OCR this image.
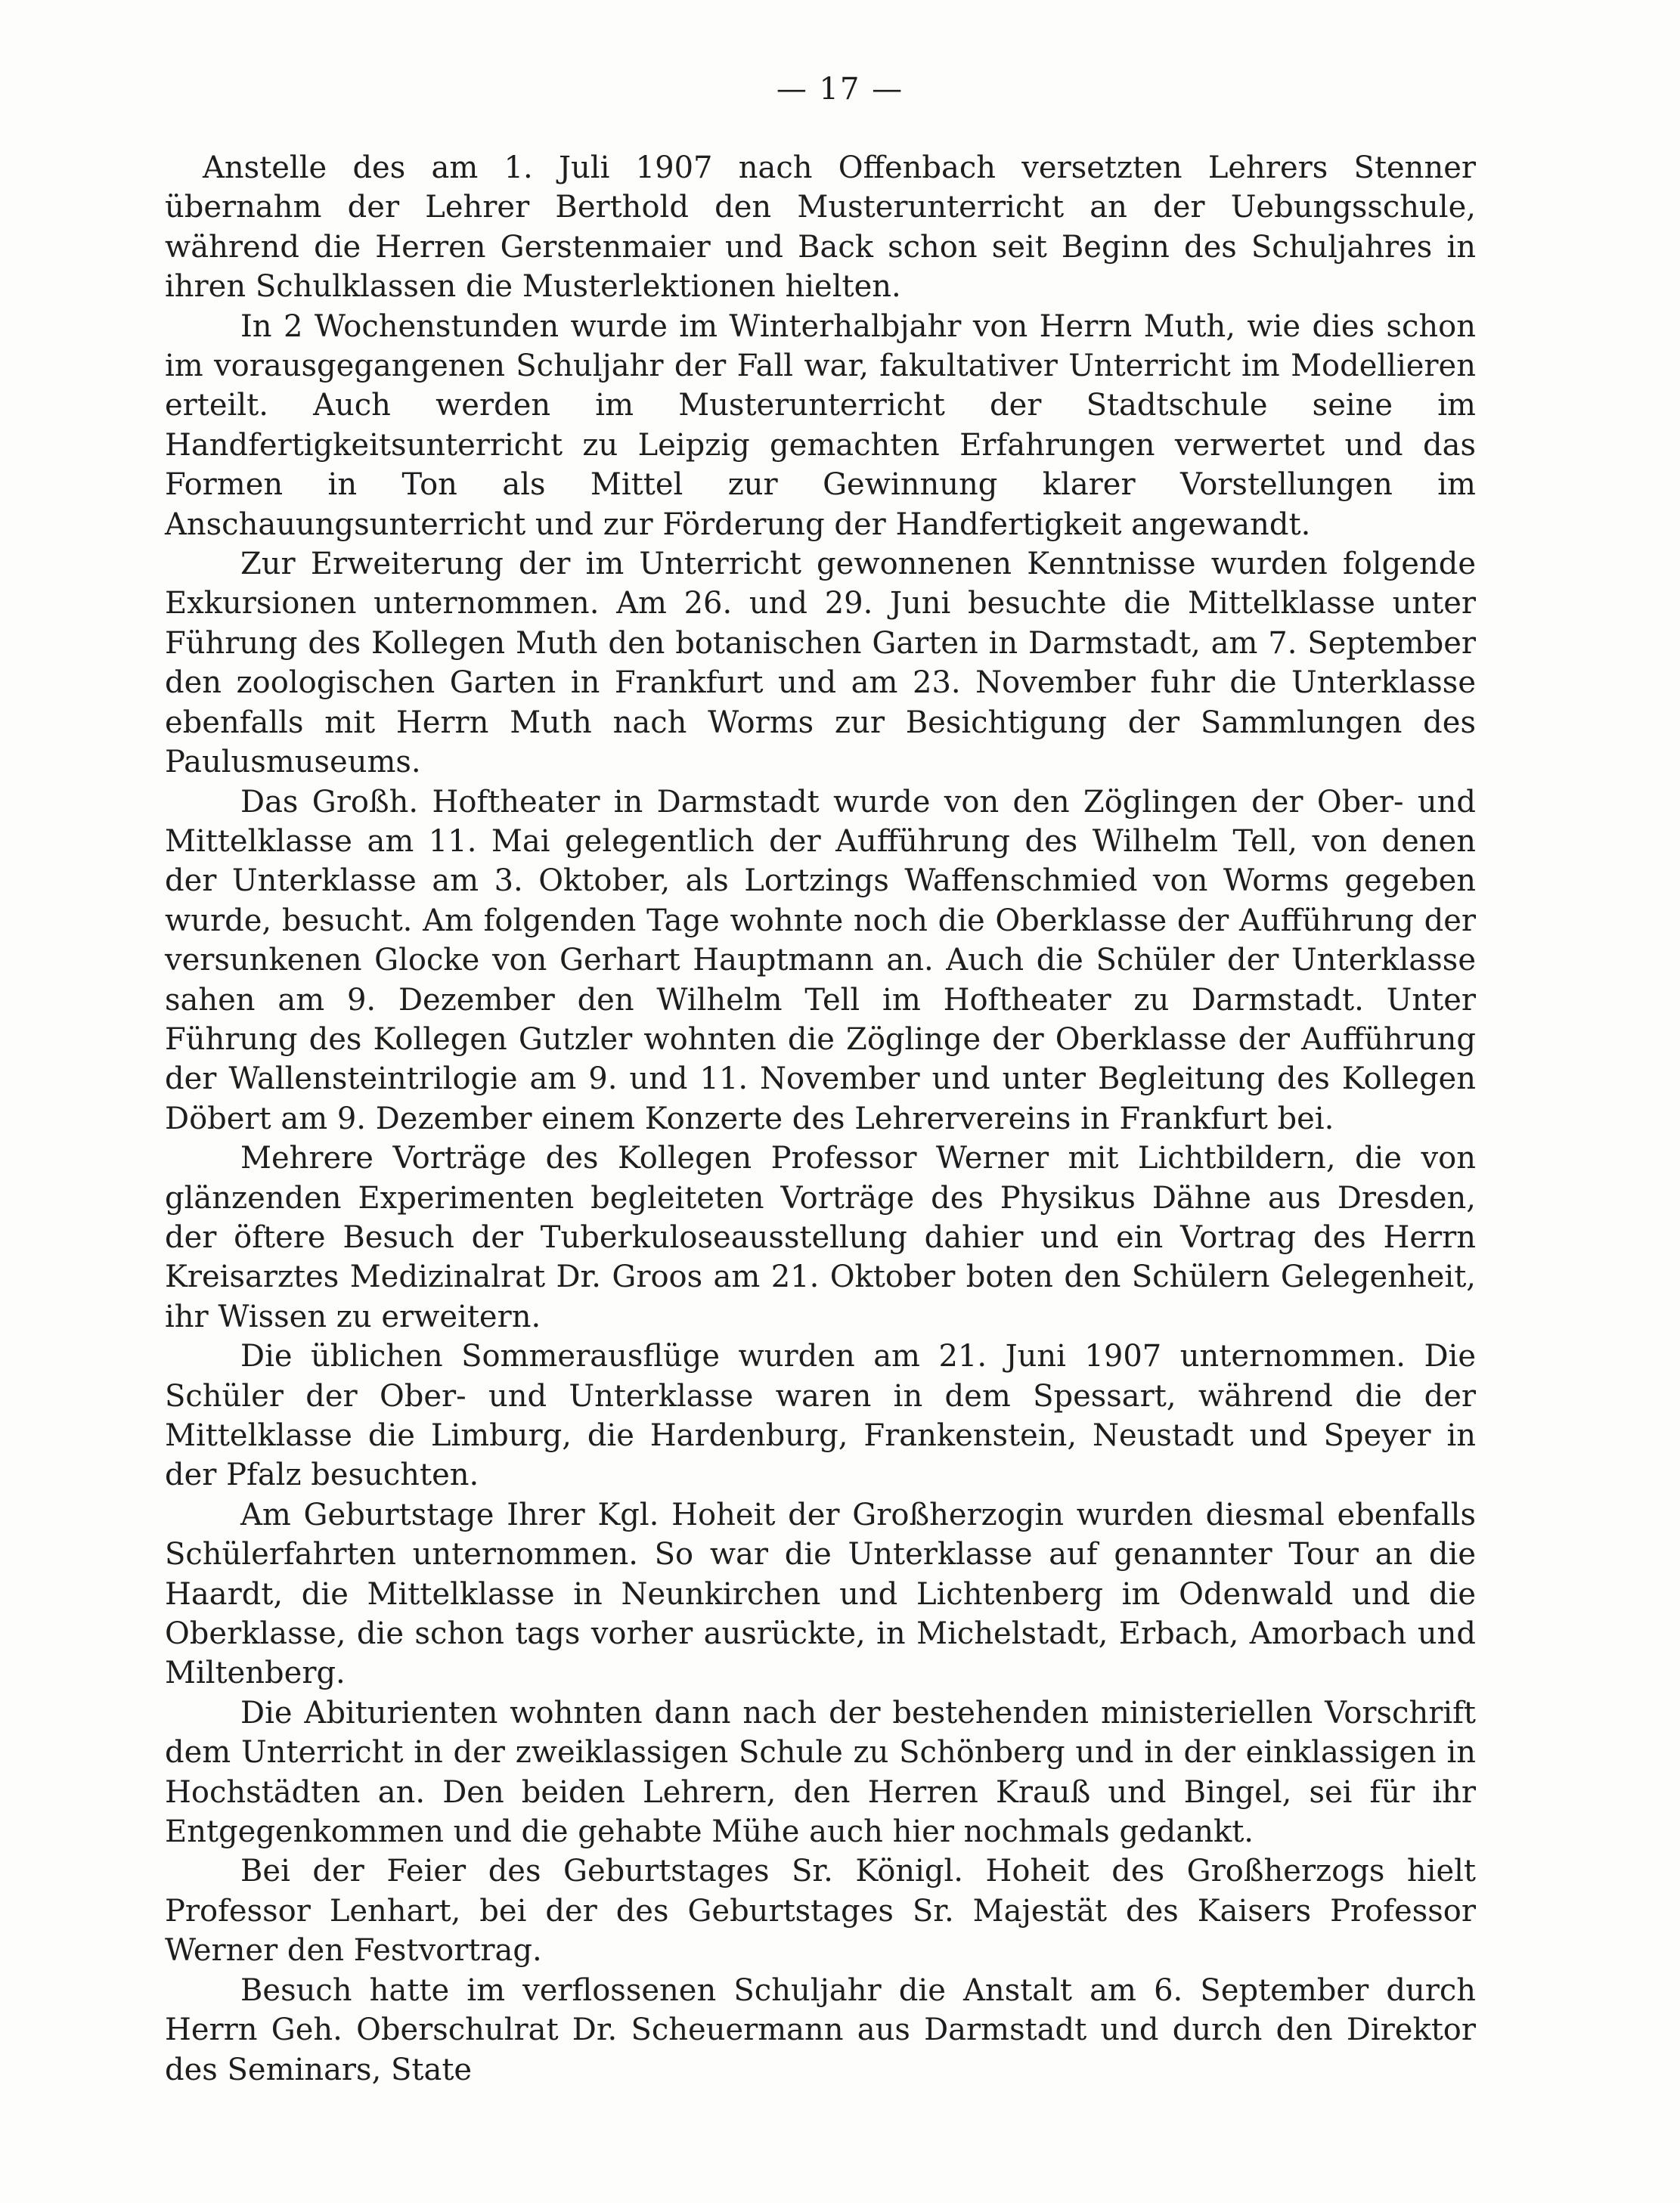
— 17 —

Anstelle des am 1. Juli 1907 nach Offenbach versetzten Lehrers Stenner übernahm der Lehrer Berthold den Musterunterricht an der Uebungsschule, während die Herren Gerstenmaier und Back schon seit Beginn des Schuljahres in ihren Schulklassen die Musterlektionen hielten.

In 2 Wochenstunden wurde im Winterhalbjahr von Herrn Muth, wie dies schon im vorausgegangenen Schuljahr der Fall war, fakultativer Unterricht im Modellieren erteilt. Auch werden im Musterunterricht der Stadtschule seine im Handfertigkeitsunterricht zu Leipzig gemachten Erfahrungen verwertet und das Formen in Ton als Mittel zur Gewinnung klarer Vorstellungen im Anschauungsunterricht und zur Förderung der Handfertigkeit angewandt.

Zur Erweiterung der im Unterricht gewonnenen Kenntnisse wurden folgende Exkursionen unternommen. Am 26. und 29. Juni besuchte die Mittelklasse unter Führung des Kollegen Muth den botanischen Garten in Darmstadt, am 7. September den zoologischen Garten in Frankfurt und am 23. November fuhr die Unterklasse ebenfalls mit Herrn Muth nach Worms zur Besichtigung der Sammlungen des Paulusmuseums.

Das Großh. Hoftheater in Darmstadt wurde von den Zöglingen der Ober- und Mittelklasse am 11. Mai gelegentlich der Aufführung des Wilhelm Tell, von denen der Unterklasse am 3. Oktober, als Lortzings Waffenschmied von Worms gegeben wurde, besucht. Am folgenden Tage wohnte noch die Oberklasse der Aufführung der versunkenen Glocke von Gerhart Hauptmann an. Auch die Schüler der Unterklasse sahen am 9. Dezember den Wilhelm Tell im Hoftheater zu Darmstadt. Unter Führung des Kollegen Gutzler wohnten die Zöglinge der Oberklasse der Aufführung der Wallensteintrilogie am 9. und 11. November und unter Begleitung des Kollegen Döbert am 9. Dezember einem Konzerte des Lehrervereins in Frankfurt bei.

Mehrere Vorträge des Kollegen Professor Werner mit Lichtbildern, die von glänzenden Experimenten begleiteten Vorträge des Physikus Dähne aus Dresden, der öftere Besuch der Tuberkuloseausstellung dahier und ein Vortrag des Herrn Kreisarztes Medizinalrat Dr. Groos am 21. Oktober boten den Schülern Gelegenheit, ihr Wissen zu erweitern.

Die üblichen Sommerausflüge wurden am 21. Juni 1907 unternommen. Die Schüler der Ober- und Unterklasse waren in dem Spessart, während die der Mittelklasse die Limburg, die Hardenburg, Frankenstein, Neustadt und Speyer in der Pfalz besuchten.

Am Geburtstage Ihrer Kgl. Hoheit der Großherzogin wurden diesmal ebenfalls Schülerfahrten unternommen. So war die Unterklasse auf genannter Tour an die Haardt, die Mittelklasse in Neunkirchen und Lichtenberg im Odenwald und die Oberklasse, die schon tags vorher ausrückte, in Michelstadt, Erbach, Amorbach und Miltenberg.

Die Abiturienten wohnten dann nach der bestehenden ministeriellen Vorschrift dem Unterricht in der zweiklassigen Schule zu Schönberg und in der einklassigen in Hochstädten an. Den beiden Lehrern, den Herren Krauß und Bingel, sei für ihr Entgegenkommen und die gehabte Mühe auch hier nochmals gedankt.

Bei der Feier des Geburtstages Sr. Königl. Hoheit des Großherzogs hielt Professor Lenhart, bei der des Geburtstages Sr. Majestät des Kaisers Professor Werner den Festvortrag.

Besuch hatte im verflossenen Schuljahr die Anstalt am 6. September durch Herrn Geh. Oberschulrat Dr. Scheuermann aus Darmstadt und durch den Direktor des Seminars, State
